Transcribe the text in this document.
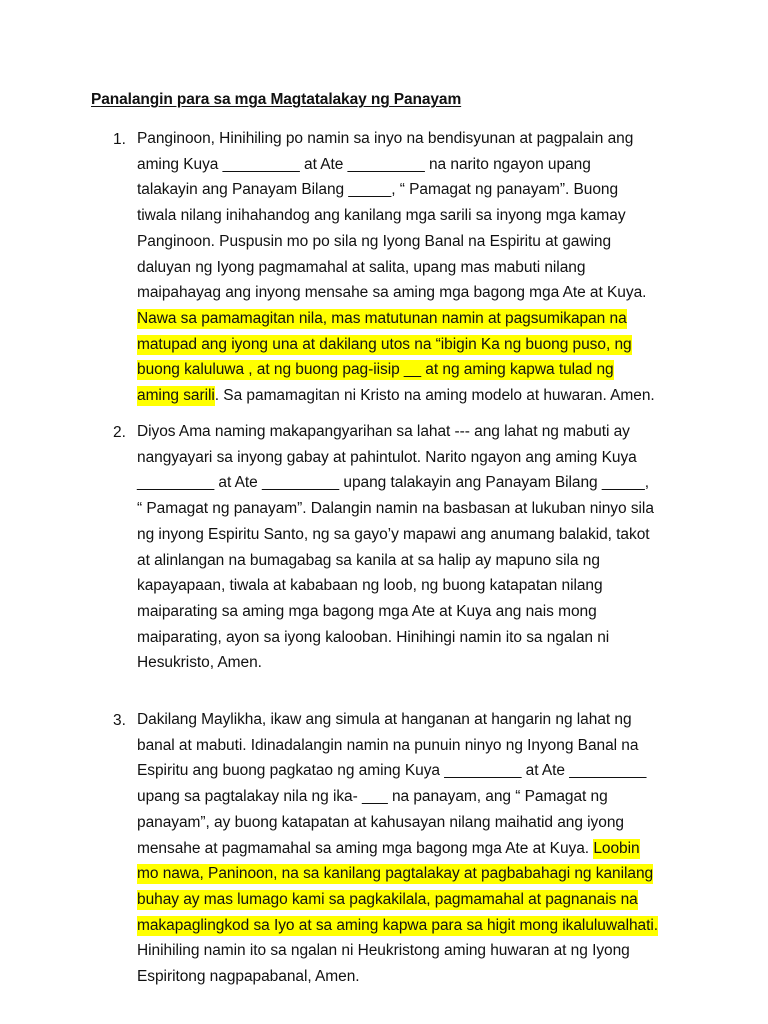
Panalangin para sa mga Magtatalakay ng Panayam
1. Panginoon, Hinihiling po namin sa inyo na bendisyunan at pagpalain ang
aming Kuya _________ at Ate _________ na narito ngayon upang
talakayin ang Panayam Bilang _____, “ Pamagat ng panayam”. Buong
tiwala nilang inihahandog ang kanilang mga sarili sa inyong mga kamay
Panginoon. Puspusin mo po sila ng Iyong Banal na Espiritu at gawing
daluyan ng Iyong pagmamahal at salita, upang mas mabuti nilang
maipahayag ang inyong mensahe sa aming mga bagong mga Ate at Kuya.
Nawa sa pamamagitan nila, mas matutunan namin at pagsumikapan na
matupad ang iyong una at dakilang utos na “ibigin Ka ng buong puso, ng
buong kaluluwa , at ng buong pag-iisip __ at ng aming kapwa tulad ng
aming sarili. Sa pamamagitan ni Kristo na aming modelo at huwaran. Amen.
2. Diyos Ama naming makapangyarihan sa lahat --- ang lahat ng mabuti ay
nangyayari sa inyong gabay at pahintulot. Narito ngayon ang aming Kuya
_________ at Ate _________ upang talakayin ang Panayam Bilang _____,
“ Pamagat ng panayam”. Dalangin namin na basbasan at lukuban ninyo sila
ng inyong Espiritu Santo, ng sa gayo’y mapawi ang anumang balakid, takot
at alinlangan na bumagabag sa kanila at sa halip ay mapuno sila ng
kapayapaan, tiwala at kababaan ng loob, ng buong katapatan nilang
maiparating sa aming mga bagong mga Ate at Kuya ang nais mong
maiparating, ayon sa iyong kalooban. Hinihingi namin ito sa ngalan ni
Hesukristo, Amen.
3. Dakilang Maylikha, ikaw ang simula at hanganan at hangarin ng lahat ng
banal at mabuti. Idinadalangin namin na punuin ninyo ng Inyong Banal na
Espiritu ang buong pagkatao ng aming Kuya _________ at Ate _________
upang sa pagtalakay nila ng ika- ___ na panayam, ang “ Pamagat ng
panayam”, ay buong katapatan at kahusayan nilang maihatid ang iyong
mensahe at pagmamahal sa aming mga bagong mga Ate at Kuya. Loobin
mo nawa, Paninoon, na sa kanilang pagtalakay at pagbabahagi ng kanilang
buhay ay mas lumago kami sa pagkakilala, pagmamahal at pagnanais na
makapaglingkod sa Iyo at sa aming kapwa para sa higit mong ikaluluwalhati.
Hinihiling namin ito sa ngalan ni Heukristong aming huwaran at ng Iyong
Espiritong nagpapabanal, Amen.
